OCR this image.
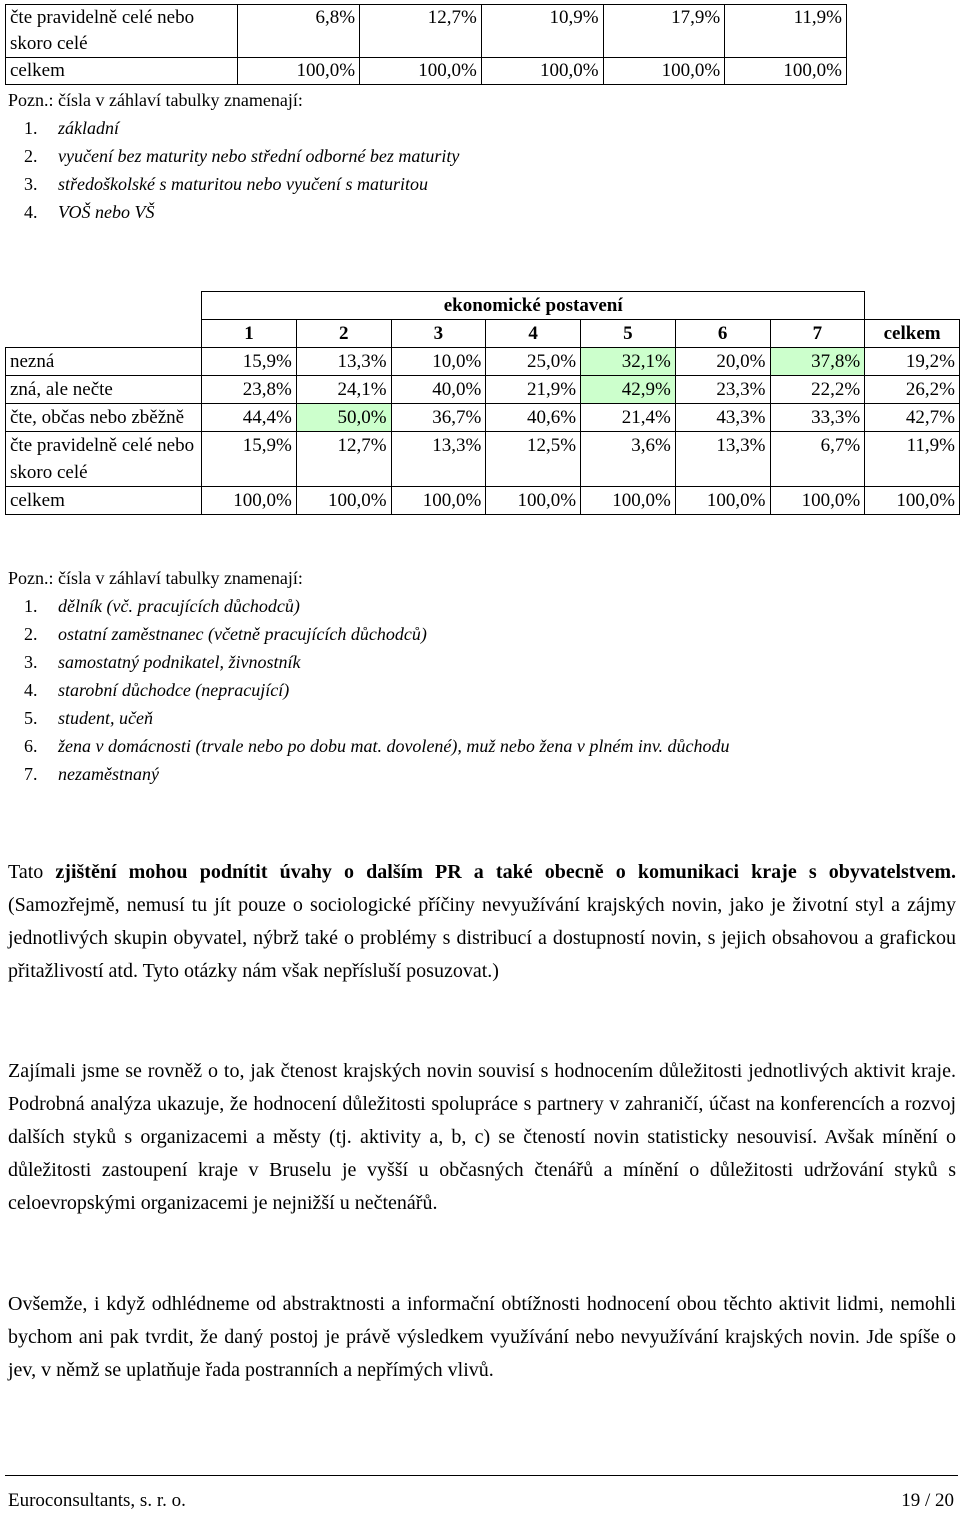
čte pravidelně celé nebo skoro celé	6,8%	12,7%	10,9%	17,9%	11,9%
celkem	100,0%	100,0%	100,0%	100,0%	100,0%
Pozn.: čísla v záhlaví tabulky znamenají:
1. základní
2. vyučení bez maturity nebo střední odborné bez maturity
3. středoškolské s maturitou nebo vyučení s maturitou
4. VOŠ nebo VŠ
	ekonomické postavení							
	1	2	3	4	5	6	7	celkem
nezná	15,9%	13,3%	10,0%	25,0%	32,1%	20,0%	37,8%	19,2%
zná, ale nečte	23,8%	24,1%	40,0%	21,9%	42,9%	23,3%	22,2%	26,2%
čte, občas nebo zběžně	44,4%	50,0%	36,7%	40,6%	21,4%	43,3%	33,3%	42,7%
čte pravidelně celé nebo skoro celé	15,9%	12,7%	13,3%	12,5%	3,6%	13,3%	6,7%	11,9%
celkem	100,0%	100,0%	100,0%	100,0%	100,0%	100,0%	100,0%	100,0%
Pozn.: čísla v záhlaví tabulky znamenají:
1. dělník (vč. pracujících důchodců)
2. ostatní zaměstnanec (včetně pracujících důchodců)
3. samostatný podnikatel, živnostník
4. starobní důchodce (nepracující)
5. student, učeň
6. žena v domácnosti (trvale nebo po dobu mat. dovolené), muž nebo žena v plném inv. důchodu
7. nezaměstnaný

Tato zjištění mohou podnítit úvahy o dalším PR a také obecně o komunikaci kraje s obyvatelstvem. (Samozřejmě, nemusí tu jít pouze o sociologické příčiny nevyužívání krajských novin, jako je životní styl a zájmy jednotlivých skupin obyvatel, nýbrž také o problémy s distribucí a dostupností novin, s jejich obsahovou a grafickou přitažlivostí atd. Tyto otázky nám však nepřísluší posuzovat.)

Zajímali jsme se rovněž o to, jak čtenost krajských novin souvisí s hodnocením důležitosti jednotlivých aktivit kraje. Podrobná analýza ukazuje, že hodnocení důležitosti spolupráce s partnery v zahraničí, účast na konferencích a rozvoj dalších styků s organizacemi a městy (tj. aktivity a, b, c) se čteností novin statisticky nesouvisí. Avšak mínění o důležitosti zastoupení kraje v Bruselu je vyšší u občasných čtenářů a mínění o důležitosti udržování styků s celoevropskými organizacemi je nejnižší u nečtenářů.

Ovšemže, i když odhlédneme od abstraktnosti a informační obtížnosti hodnocení obou těchto aktivit lidmi, nemohli bychom ani pak tvrdit, že daný postoj je právě výsledkem využívání nebo nevyužívání krajských novin. Jde spíše o jev, v němž se uplatňuje řada postranních a nepřímých vlivů.

Euroconsultants, s. r. o.	19 / 20
